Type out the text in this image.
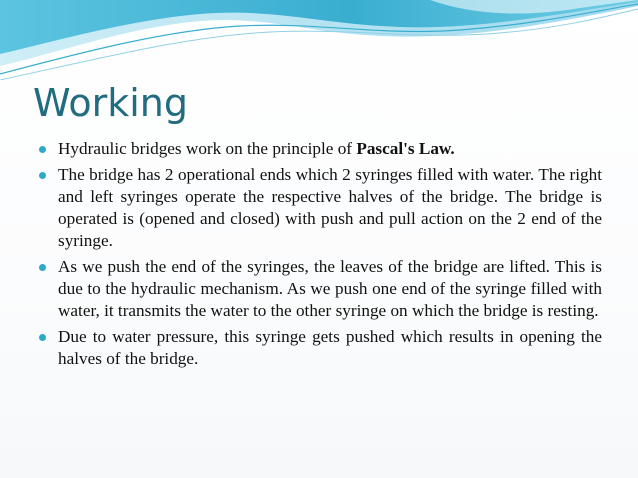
Working
Hydraulic bridges work on the principle of Pascal's Law.
The bridge has 2 operational ends which 2 syringes filled with water. The right and left syringes operate the respective halves of the bridge. The bridge is operated is (opened and closed) with push and pull action on the 2 end of the syringe.
As we push the end of the syringes, the leaves of the bridge are lifted. This is due to the hydraulic mechanism. As we push one end of the syringe filled with water, it transmits the water to the other syringe on which the bridge is resting.
Due to water pressure, this syringe gets pushed which results in opening the halves of the bridge.
